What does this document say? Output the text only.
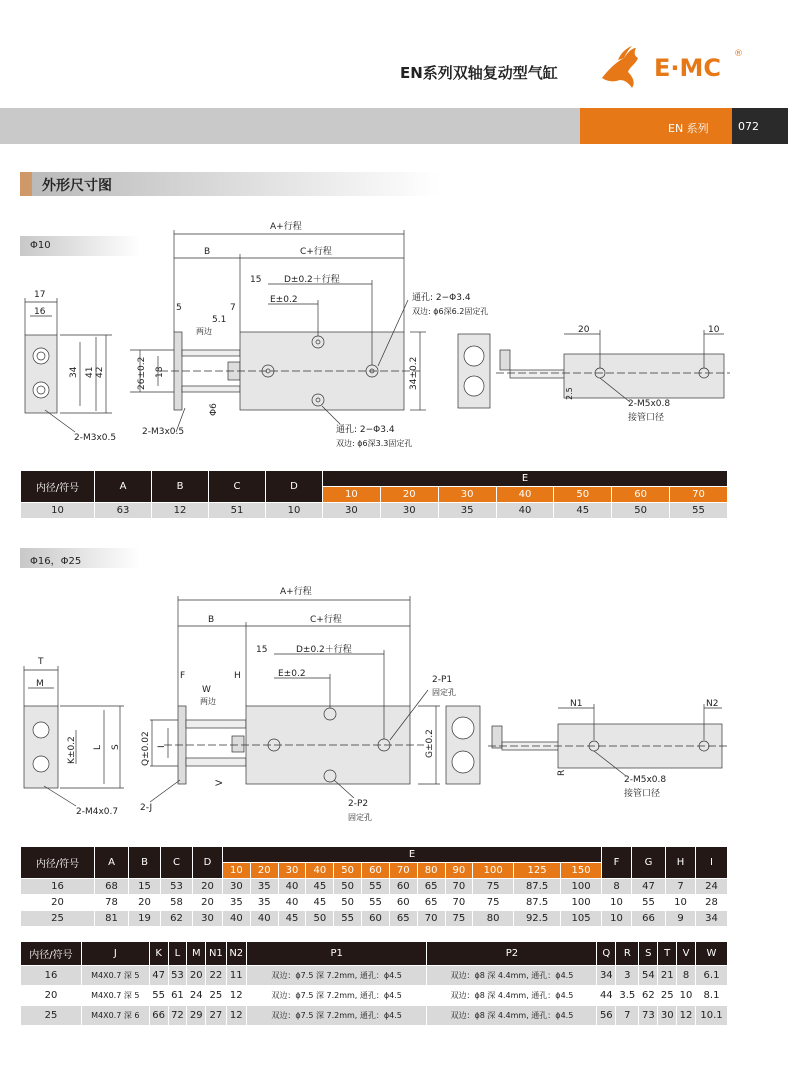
EN系列双轴复动型气缸	E·MC ®
EN 系列	072
外形尺寸图
Φ10
A+行程
B	C+行程
15	D±0.2＋行程
E±0.2
5
5.1
两边
7
17
16
34 41 42	26±0.2 18
Φ6
34±0.2
2-M3x0.5
2-M3x0.5
通孔: 2−Φ3.4
双边: ϕ6深6.2固定孔
通孔: 2−Φ3.4
双边: ϕ6深3.3固定孔
20	10
2.5
2-M5x0.8
接管口径
内径/符号	A	B	C	D	E						
					10	20	30	40	50	60	70
10	63	12	51	10	30	30	35	40	45	50	55
Φ16，Φ25
A+行程
B	C+行程
15	D±0.2＋行程
E±0.2
F	H
W
两边
T
M
K±0.2 L S Q±0.02 I
V
G±0.2
2-J
2-M4x0.7
2-P1
固定孔
2-P2
固定孔
N1	N2
R
2-M5x0.8
接管口径
内径/符号	A	B	C	D	E												F	G	H	I
					10	20	30	40	50	60	70	80	90	100	125	150				
16	68	15	53	20	30	35	40	45	50	55	60	65	70	75	87.5	100	8	47	7	24
20	78	20	58	20	35	35	40	45	50	55	60	65	70	75	87.5	100	10	55	10	28
25	81	19	62	30	40	40	45	50	55	60	65	70	75	80	92.5	105	10	66	9	34
内径/符号	J	K	L	M	N1	N2	P1	P2	Q	R	S	T	V	W
16	M4X0.7 深 5	47	53	20	22	11	双边：ϕ7.5 深 7.2mm, 通孔：ϕ4.5	双边：ϕ8 深 4.4mm, 通孔：ϕ4.5	34	3	54	21	8	6.1
20	M4X0.7 深 5	55	61	24	25	12	双边：ϕ7.5 深 7.2mm, 通孔：ϕ4.5	双边：ϕ8 深 4.4mm, 通孔：ϕ4.5	44	3.5	62	25	10	8.1
25	M4X0.7 深 6	66	72	29	27	12	双边：ϕ7.5 深 7.2mm, 通孔：ϕ4.5	双边：ϕ8 深 4.4mm, 通孔：ϕ4.5	56	7	73	30	12	10.1
